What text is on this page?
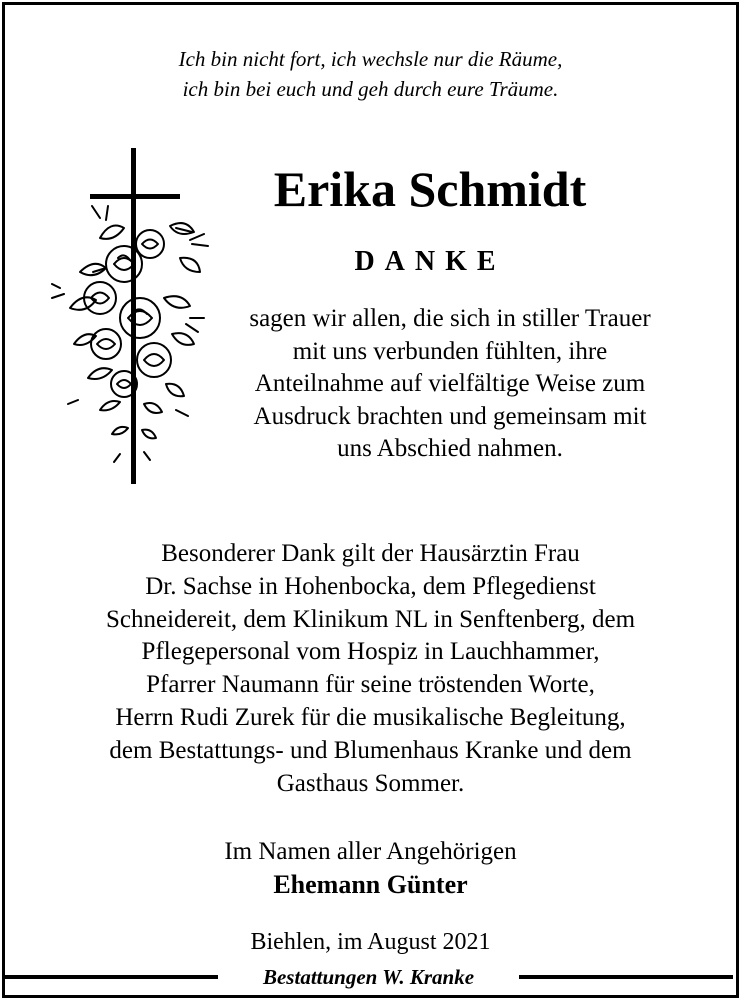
Ich bin nicht fort, ich wechsle nur die Räume,
ich bin bei euch und geh durch eure Träume.
Erika Schmidt
DANKE
sagen wir allen, die sich in stiller Trauer
mit uns verbunden fühlten, ihre
Anteilnahme auf vielfältige Weise zum
Ausdruck brachten und gemeinsam mit
uns Abschied nahmen.
Besonderer Dank gilt der Hausärztin Frau
Dr. Sachse in Hohenbocka, dem Pflegedienst
Schneidereit, dem Klinikum NL in Senftenberg, dem
Pflegepersonal vom Hospiz in Lauchhammer,
Pfarrer Naumann für seine tröstenden Worte,
Herrn Rudi Zurek für die musikalische Begleitung,
dem Bestattungs- und Blumenhaus Kranke und dem
Gasthaus Sommer.
Im Namen aller Angehörigen
Ehemann Günter
Biehlen, im August 2021
Bestattungen W. Kranke
